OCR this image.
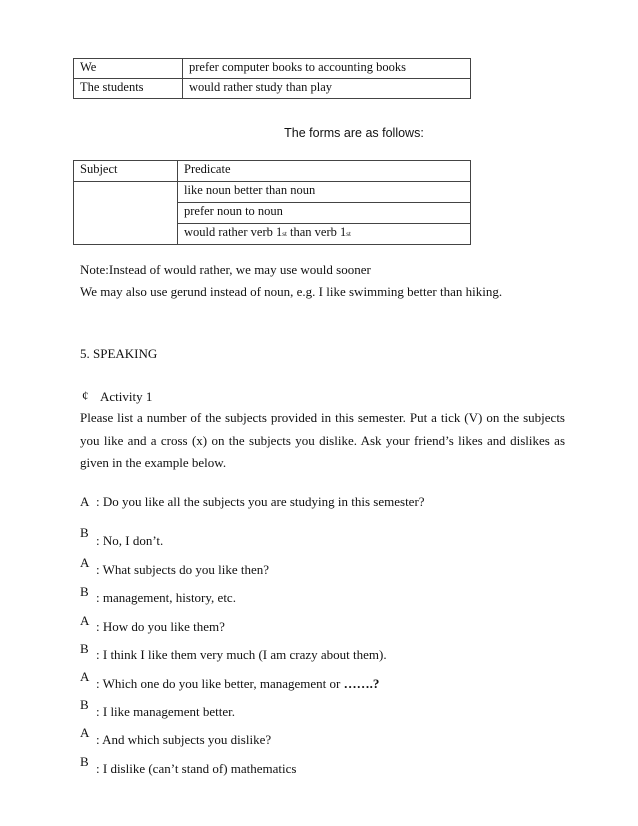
We	prefer computer books to accounting books
The students	would rather study than play
The forms are as follows:
Subject	Predicate
	like noun better than noun
	prefer noun to noun
	would rather verb 1st than verb 1st
Note:Instead of would rather, we may use would sooner
We may also use gerund instead of noun, e.g. I like swimming better than hiking.
5. SPEAKING
¢ Activity 1
Please list a number of the subjects provided in this semester. Put a tick (V) on the subjects
you like and a cross (x) on the subjects you dislike. Ask your friend’s likes and dislikes as
given in the example below.
A : Do you like all the subjects you are studying in this semester?
B
: No, I don’t.
A : What subjects do you like then?
B : management, history, etc.
A : How do you like them?
B : I think I like them very much (I am crazy about them).
A : Which one do you like better, management or …….?
B : I like management better.
A : And which subjects you dislike?
B : I dislike (can’t stand of) mathematics
